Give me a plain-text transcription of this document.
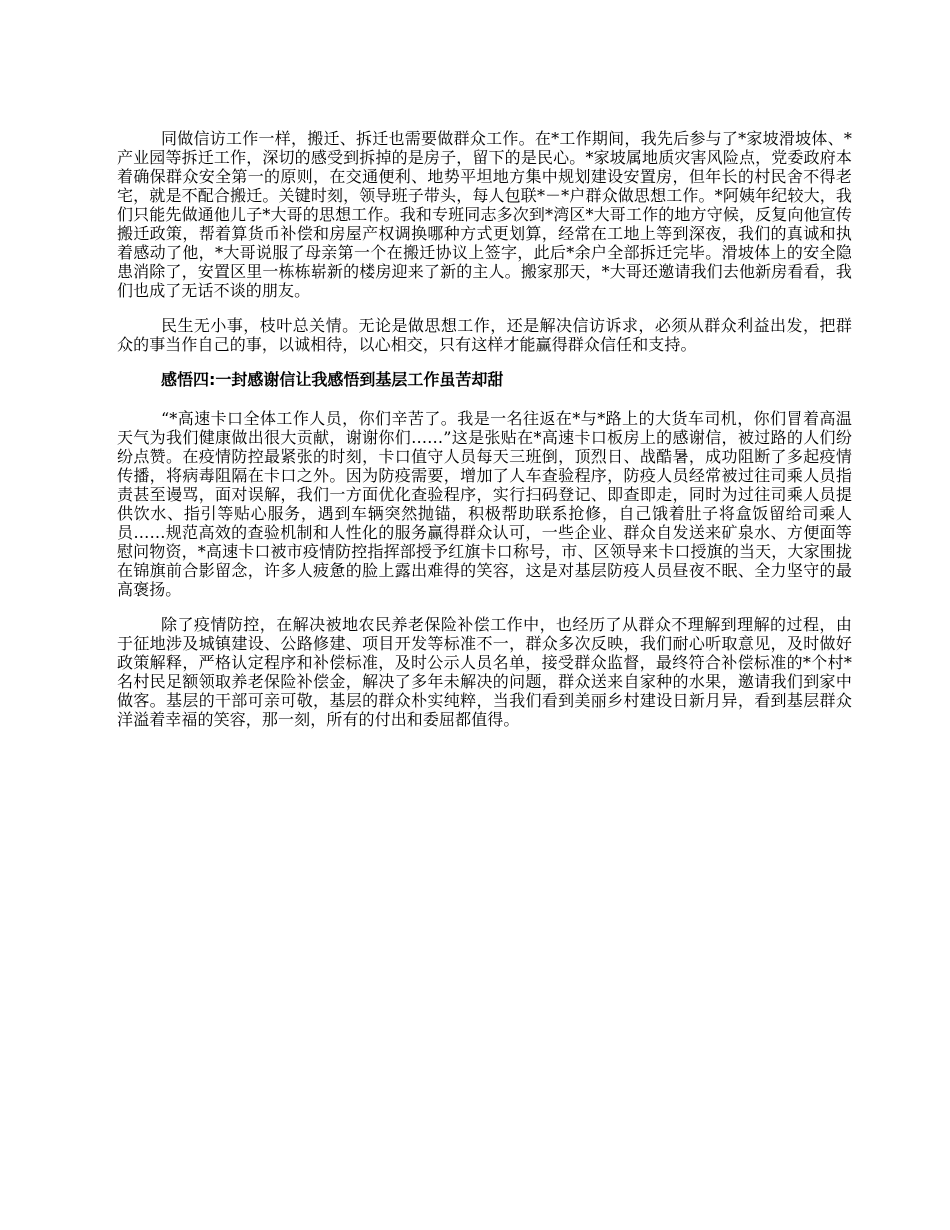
同做信访工作一样，搬迁、拆迁也需要做群众工作。在*工作期间，我先后参与了*家坡滑坡体、*产业园等拆迁工作，深切的感受到拆掉的是房子，留下的是民心。*家坡属地质灾害风险点，党委政府本着确保群众安全第一的原则，在交通便利、地势平坦地方集中规划建设安置房，但年长的村民舍不得老宅，就是不配合搬迁。关键时刻，领导班子带头，每人包联*－*户群众做思想工作。*阿姨年纪较大，我们只能先做通他儿子*大哥的思想工作。我和专班同志多次到*湾区*大哥工作的地方守候，反复向他宣传搬迁政策，帮着算货币补偿和房屋产权调换哪种方式更划算，经常在工地上等到深夜，我们的真诚和执着感动了他，*大哥说服了母亲第一个在搬迁协议上签字，此后*余户全部拆迁完毕。滑坡体上的安全隐患消除了，安置区里一栋栋崭新的楼房迎来了新的主人。搬家那天，*大哥还邀请我们去他新房看看，我们也成了无话不谈的朋友。

民生无小事，枝叶总关情。无论是做思想工作，还是解决信访诉求，必须从群众利益出发，把群众的事当作自己的事，以诚相待，以心相交，只有这样才能赢得群众信任和支持。

感悟四:一封感谢信让我感悟到基层工作虽苦却甜

“*高速卡口全体工作人员，你们辛苦了。我是一名往返在*与*路上的大货车司机，你们冒着高温天气为我们健康做出很大贡献，谢谢你们……”这是张贴在*高速卡口板房上的感谢信，被过路的人们纷纷点赞。在疫情防控最紧张的时刻，卡口值守人员每天三班倒，顶烈日、战酷暑，成功阻断了多起疫情传播，将病毒阻隔在卡口之外。因为防疫需要，增加了人车查验程序，防疫人员经常被过往司乘人员指责甚至谩骂，面对误解，我们一方面优化查验程序，实行扫码登记、即查即走，同时为过往司乘人员提供饮水、指引等贴心服务，遇到车辆突然抛锚，积极帮助联系抢修，自己饿着肚子将盒饭留给司乘人员……规范高效的查验机制和人性化的服务赢得群众认可，一些企业、群众自发送来矿泉水、方便面等慰问物资，*高速卡口被市疫情防控指挥部授予红旗卡口称号，市、区领导来卡口授旗的当天，大家围拢在锦旗前合影留念，许多人疲惫的脸上露出难得的笑容，这是对基层防疫人员昼夜不眠、全力坚守的最高褒扬。

除了疫情防控，在解决被地农民养老保险补偿工作中，也经历了从群众不理解到理解的过程，由于征地涉及城镇建设、公路修建、项目开发等标准不一，群众多次反映，我们耐心听取意见，及时做好政策解释，严格认定程序和补偿标准，及时公示人员名单，接受群众监督，最终符合补偿标准的*个村*名村民足额领取养老保险补偿金，解决了多年未解决的问题，群众送来自家种的水果，邀请我们到家中做客。基层的干部可亲可敬，基层的群众朴实纯粹，当我们看到美丽乡村建设日新月异，看到基层群众洋溢着幸福的笑容，那一刻，所有的付出和委屈都值得。
